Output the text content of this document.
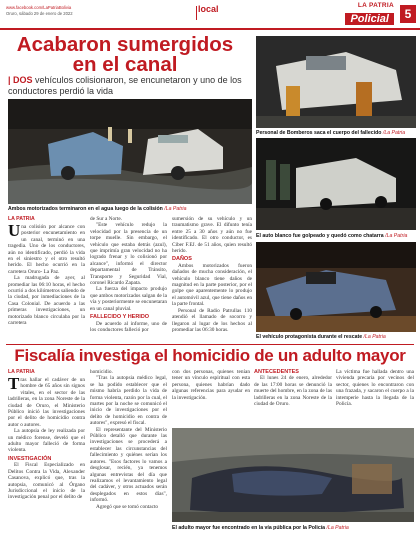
www.facebook.com/LaPatriaBolivia
Oruro, sábado 29 de enero de 2022	local	LA PATRIA
Policial	5
Acabaron sumergidos
en el canal
| DOS vehículos colisionaron, se encunetaron y uno de los conductores perdió la vida
Ambos motorizados terminaron en el agua luego de la colisión /La Patria
Personal de Bomberos saca el cuerpo del fallecido /La Patria
El auto blanco fue golpeado y quedó como chatarra /La Patria
El vehículo protagonista durante el rescate /La Patria
LA PATRIA
U na colisión por alcance con posterior encunetamiento en un canal, terminó en una tragedia. Uno de los conductores, aún no identificado, perdió la vida en el siniestro y el otro resultó herido. El hecho ocurrió en la carretera Oruro- La Paz.

La madrugada de ayer, al promediar las 06:10 horas, el hecho ocurrió a dos kilómetros saliendo de la ciudad, por inmediaciones de la Casa Colonial. De acuerdo a las primeras investigaciones, un motorizado blanco circulaba por la carretera

de Sur a Norte.

"Este vehículo redujo la velocidad por la presencia de un torpe muelle. Sin embargo, el vehículo que estaba detrás (azul), que imprimía gran velocidad no ha logrado frenar y lo colisionó por alcance", informó el director departamental de Tránsito, Transporte y Seguridad Vial, coronel Ricardo Zapata.

La fuerza del impacto produjo que ambos motorizados salgan de la vía y posteriormente se encunetaran en un canal pluvial.

FALLECIDO Y HERIDO

De acuerdo al informe, uno de los conductores falleció por

sumersión de su vehículo y un traumatismo grave. El difunto tenía entre 25 a 30 años y aún no fue identificado. El otro conductor, es Ciber F.EJ. de 51 años, quien resultó herido.

DAÑOS

Ambos motorizados fueron dañados de mucha consideración, el vehículo blanco tiene daños de magnitud en la parte posterior, por el golpe que aparentemente lo produjo el automóvil azul, que tiene daños en la parte frontal.

Personal de Radio Patrullas 110 atendió el llamado de socorro y llegaron al lugar de los hechos al promediar las 06:30 horas.

Fiscalía investiga el homicidio de un adulto mayor
LA PATRIA
T ras hallar el cadáver de un hombre de 65 años sin signos vitales, en el sector de las ladrilleras, en la zona Noreste de la ciudad de Oruro, el Ministerio Público inició las investigaciones por el delito de homicidio contra autor o autores.

La autopsia de ley realizada por un médico forense, develó que el adulto mayor falleció de forma violenta.

INVESTIGACIÓN

El Fiscal Especializado en Delitos Contra la Vida, Alexander Casanova, explicó que, tras la autopsia, comunicó al Órgano Jurisdiccional el inicio de la investigación penal por el delito de

homicidio.

"Tras la autopsia médico legal, se ha podido establecer que el mismo habría perdido la vida de forma violenta, razón por la cual, el martes por la noche se comunicó el inicio de investigaciones por el delito de homicidio en contra de autores", expresó el fiscal.

El representante del Ministerio Público detalló que durante las investigaciones se procederá a establecer las circunstancias del fallecimiento y quiénes serían los autores. "Esos factores lo vamos a desglosar, recién, ya tenemos algunas entrevistas del día que realizamos el levantamiento legal del cadáver, y otros actuados serán desplegados en estos días", informó.

Agregó que se tomó contacto

con dos personas, quienes tenían tener un vínculo espiritual con esta persona, quienes habrían dado algunas referencias para ayudar en la investigación.

ANTECEDENTES

El lunes 24 de enero, alrededor de las 17:00 horas se denunció la muerte del hombre, en la zona de las ladrilleras en la zona Noreste de la ciudad de Oruro.

La víctima fue hallada dentro una vivienda precaria por vecinos del sector, quienes lo encontraron con una frazada, y sacaron el cuerpo a la intemperie hasta la llegada de la Policía.

El adulto mayor fue encontrado en la vía pública por la Policía /La Patria
